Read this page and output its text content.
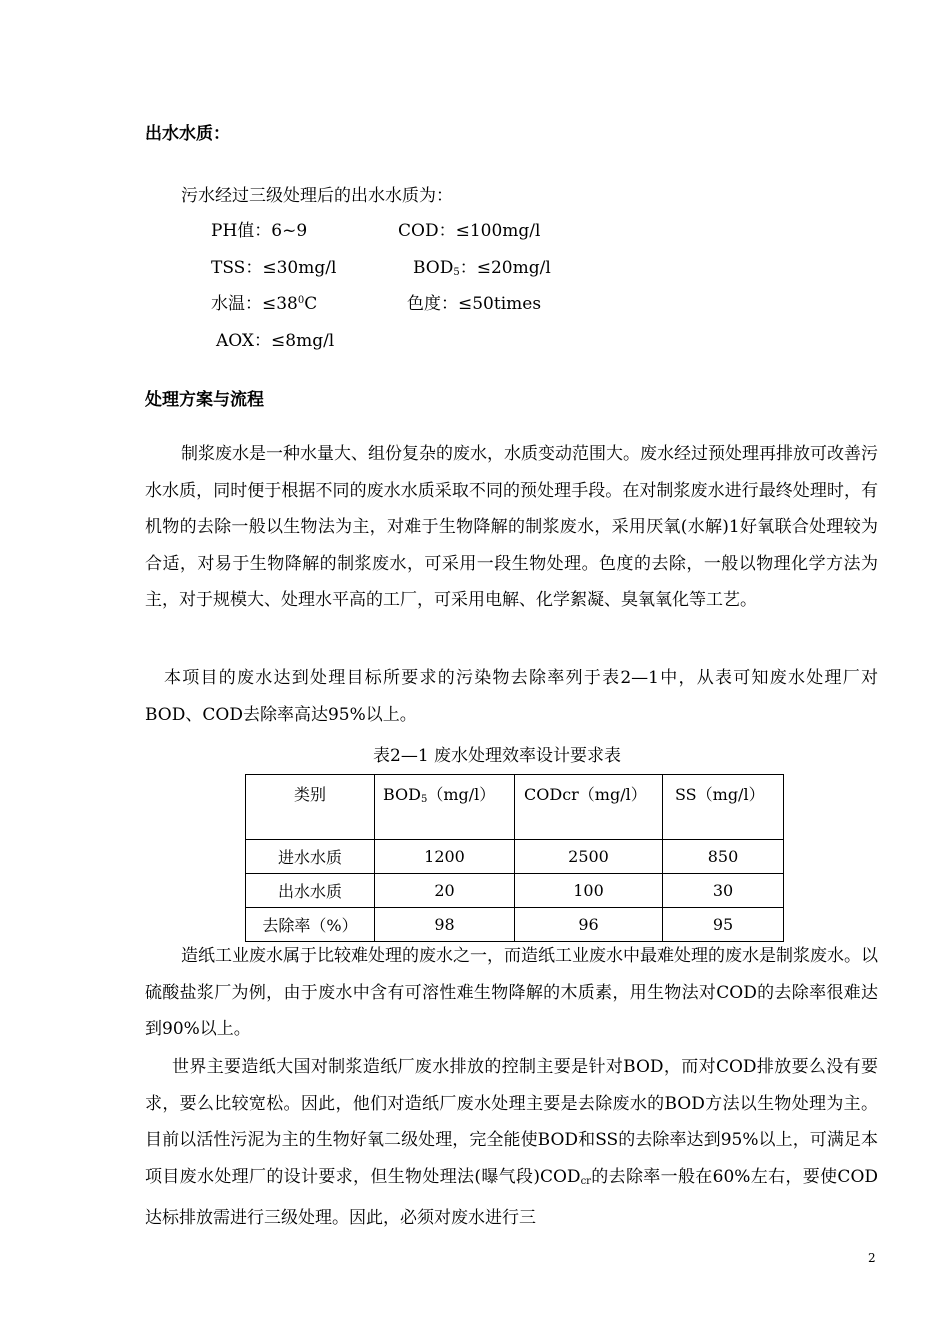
出水水质：
污水经过三级处理后的出水水质为：
PH值：6~9	COD：≤100mg/l
TSS：≤30mg/l	$BOD_5$：≤20mg/l
水温：$\le 38^0C$	色度：≤50times
AOX：≤8mg/l
处理方案与流程

制浆废水是一种水量大、组份复杂的废水，水质变动范围大。废水经过预处理再排放可改善污水水质，同时便于根据不同的废水水质采取不同的预处理手段。在对制浆废水进行最终处理时，有机物的去除一般以生物法为主，对难于生物降解的制浆废水，采用厌氧(水解)1好氧联合处理较为合适，对易于生物降解的制浆废水，可采用一段生物处理。色度的去除，一般以物理化学方法为主，对于规模大、处理水平高的工厂，可采用电解、化学絮凝、臭氧氧化等工艺。

本项目的废水达到处理目标所要求的污染物去除率列于表2—1中，从表可知废水处理厂对BOD、COD去除率高达95%以上。

表2—1 废水处理效率设计要求表
类别	$BOD_5(mg/l)$	CODcr（mg/l）	SS（mg/l）
进水水质	1200	2500	850
出水水质	20	100	30
去除率（%）	98	96	95

造纸工业废水属于比较难处理的废水之一，而造纸工业废水中最难处理的废水是制浆废水。以硫酸盐浆厂为例，由于废水中含有可溶性难生物降解的木质素，用生物法对COD的去除率很难达到90%以上。

世界主要造纸大国对制浆造纸厂废水排放的控制主要是针对BOD，而对COD排放要么没有要求，要么比较宽松。因此，他们对造纸厂废水处理主要是去除废水的BOD方法以生物处理为主。目前以活性污泥为主的生物好氧二级处理，完全能使BOD和SS的去除率达到95%以上，可满足本项目废水处理厂的设计要求，但生物处理法(曝气段)$COD_{cr}$的去除率一般在60%左右，要使COD达标排放需进行三级处理。因此，必须对废水进行三

2
